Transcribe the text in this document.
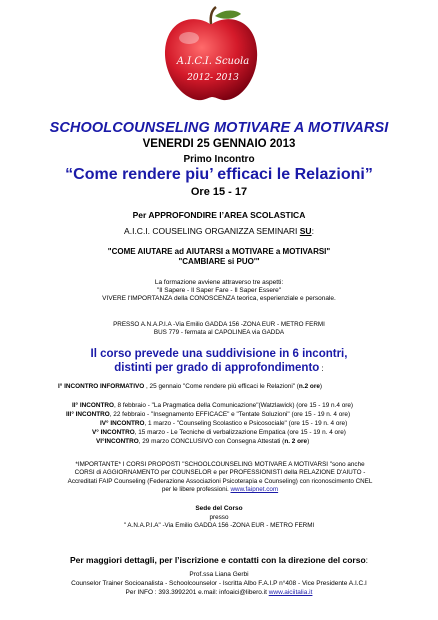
A.I.C.I. Scuola
2012- 2013
SCHOOLCOUNSELING MOTIVARE A MOTIVARSI
VENERDI 25 GENNAIO 2013
Primo Incontro
“Come rendere piu’ efficaci le Relazioni”
Ore 15 - 17
Per APPROFONDIRE l’AREA SCOLASTICA
A.I.C.I. COUSELING ORGANIZZA SEMINARI SU:
"COME AIUTARE ad AIUTARSI a MOTIVARE a MOTIVARSI"
"CAMBIARE si PUO'"
La formazione avviene attraverso tre aspetti:
"Il Sapere - Il Saper Fare - Il Saper Essere"
VIVERE l'IMPORTANZA della CONOSCENZA teorica, esperienziale e personale.
PRESSO A.N.A.P.I.A -Via Emilio GADDA 156 -ZONA EUR - METRO FERMI
BUS 779 - fermata al CAPOLINEA via GADDA
Il corso prevede una suddivisione in 6 incontri,
distinti per grado di approfondimento :
I° INCONTRO INFORMATIVO , 25 gennaio "Come rendere più efficaci le Relazioni" (n.2 ore)
II° INCONTRO, 8 febbraio - "La Pragmatica della Comunicazione"(Watzlawick) (ore 15 - 19 n.4 ore)
III° INCONTRO, 22 febbraio - "Insegnamento EFFICACE" e "Tentate Soluzioni" (ore 15 - 19 n. 4 ore)
IV° INCONTRO, 1 marzo - "Counseling Scolastico e Psicosociale" (ore 15 - 19 n. 4 ore)
V° INCONTRO, 15 marzo - Le Tecniche di verbalizzazione Empatica (ore 15 - 19 n. 4 ore)
VI°INCONTRO, 29 marzo CONCLUSIVO con Consegna Attestati (n. 2 ore)
*IMPORTANTE* I CORSI PROPOSTI "SCHOOLCOUNSELING MOTIVARE A MOTIVARSI "sono anche
CORSI di AGGIORNAMENTO per COUNSELOR e per PROFESSIONISTI della RELAZIONE D'AIUTO -
Accreditati FAIP Counseling (Federazione Associazioni Psicoterapia e Counseling) con riconoscimento CNEL
per le libere professioni. www.faipnet.com
Sede del Corso
presso
" A.N.A.P.I.A" -Via Emilio GADDA 156 -ZONA EUR - METRO FERMI
Per maggiori dettagli, per l’iscrizione e contatti con la direzione del corso:
Prof.ssa Liana Gerbi
Counselor Trainer Socioanalista - Schoolcounselor - Iscritta Albo F.A.I.P n°408 - Vice Presidente A.I.C.I
Per INFO : 393.3992201 e.mail: infoaici@libero.it www.aiciitalia.it
